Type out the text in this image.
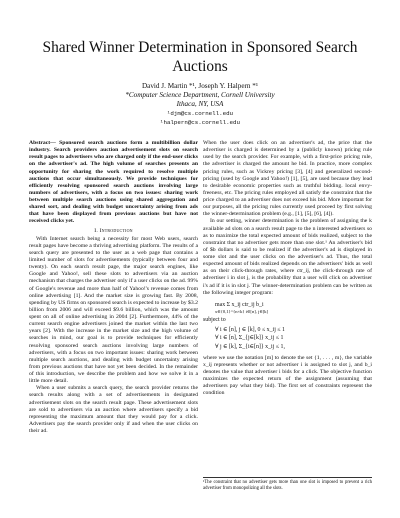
Shared Winner Determination in Sponsored Search Auctions
David J. Martin *¹, Joseph Y. Halpern *¹
*Computer Science Department, Cornell University
Ithaca, NY, USA
¹djm@cs.cornell.edu
¹halpern@cs.cornell.edu

Abstract— Sponsored search auctions form a multibillion dollar industry. Search providers auction advertisement slots on search result pages to advertisers who are charged only if the end-user clicks on the advertiser's ad. The high volume of searches presents an opportunity for sharing the work required to resolve multiple auctions that occur simultaneously. We provide techniques for efficiently resolving sponsored search auctions involving large numbers of advertisers, with a focus on two issues: sharing work between multiple search auctions using shared aggregation and shared sort, and dealing with budget uncertainty arising from ads that have been displayed from previous auctions but have not received clicks yet.

I. Introduction

With Internet search being a necessity for most Web users, search result pages have become a thriving advertising platform. The results of a search query are presented to the user as a web page that contains a limited number of slots for advertisements (typically between four and twenty). On each search result page, the major search engines, like Google and Yahoo!, sell these slots to advertisers via an auction mechanism that charges the advertiser only if a user clicks on the ad. 99% of Google's revenue and more than half of Yahoo!'s revenue comes from online advertising [1]. And the market size is growing fast. By 2008, spending by US firms on sponsored search is expected to increase by $3.2 billion from 2006 and will exceed $9.6 billion, which was the amount spent on all of online advertising in 2004 [2]. Furthermore, 44% of the current search engine advertisers joined the market within the last two years [2]. With the increase in the market size and the high volume of searches in mind, our goal is to provide techniques for efficiently resolving sponsored search auctions involving large numbers of advertisers, with a focus on two important issues: sharing work between multiple search auctions, and dealing with budget uncertainty arising from previous auctions that have not yet been decided. In the remainder of this introduction, we describe the problem and how we solve it in a little more detail.

When a user submits a search query, the search provider returns the search results along with a set of advertisements in designated advertisement slots on the search result page. These advertisement slots are sold to advertisers via an auction where advertisers specify a bid representing the maximum amount that they would pay for a click. Advertisers pay the search provider only if and when the user clicks on their ad.

When the user does click on an advertiser's ad, the price that the advertiser is charged is determined by a (publicly known) pricing rule used by the search provider. For example, with a first-price pricing rule, the advertiser is charged the amount he bid. In practice, more complex pricing rules, such as Vickrey pricing [3], [4] and generalized second-pricing (used by Google and Yahoo!) [1], [5], are used because they lead to desirable economic properties such as truthful bidding. local envy-freeness, etc. The pricing rules employed all satisfy the constraint that the price charged to an advertiser does not exceed his bid. More important for our purposes, all the pricing rules currently used proceed by first solving the winner-determination problem (e.g., [1], [5], [6], [4]).

In our setting, winner determination is the problem of assigning the k available ad slots on a search result page to the n interested advertisers so as to maximize the total expected amount of bids realized, subject to the constraint that no advertiser gets more than one slot.¹ An advertiser's bid of $b dollars is said to be realized if the advertiser's ad is displayed in some slot and the user clicks on the advertiser's ad. Thus, the total expected amount of bids realized depends on the advertisers' bids as well as on their click-through rates, where ctr_ij, the click-through rate of advertiser i in slot j, is the probability that a user will click on advertiser i's ad if it is in slot j. The winner-determination problem can be written as the following integer program:

max Σ x_ij ctr_ij b_i
x∈{0,1}^{n×k} i∈[n], j∈[k]
subject to
∀ i ∈ [n], j ∈ [k], 0 ≤ x_ij ≤ 1
∀ i ∈ [n], Σ_{j∈[k]} x_ij ≤ 1
∀ j ∈ [k], Σ_{i∈[n]} x_ij ≤ 1,

where we use the notation [m] to denote the set {1, . . . , m}, the variable x_ij represents whether or not advertiser i is assigned to slot j, and b_i denotes the value that advertiser i bids for a click. The objective function maximizes the expected return of the assignment (assuming that advertisers pay what they bid). The first set of constraints represent the condition

¹The constraint that no advertiser gets more than one slot is imposed to prevent a rich advertiser from monopolizing all the slots.
